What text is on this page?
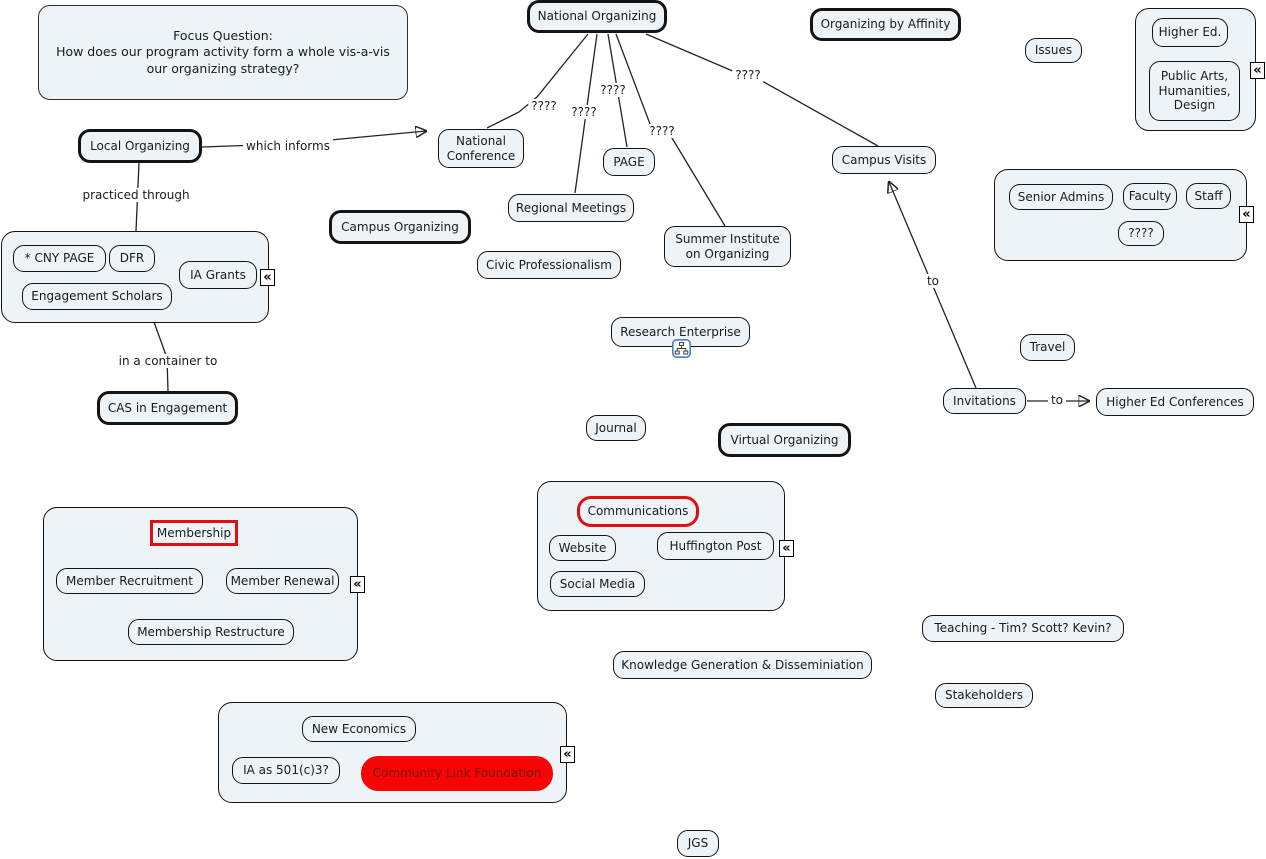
Focus Question:
How does our program activity form a whole vis-a-vis our organizing strategy?
National Organizing
Organizing by Affinity
Issues
Higher Ed.
Public Arts, Humanities, Design
Local Organizing	National Conference	PAGE
Regional Meetings
Campus Organizing
Civic Professionalism
Summer Institute on Organizing
Campus Visits
Senior Admins	Faculty	Staff
????
* CNY PAGE	DFR
IA Grants
Engagement Scholars
CAS in Engagement
Research Enterprise
Travel
Invitations	Higher Ed Conferences
Journal
Virtual Organizing
Membership
Member Recruitment	Member Renewal
Membership Restructure
Communications
Website	Huffington Post
Social Media
Teaching - Tim? Scott? Kevin?
Knowledge Generation & Disseminiation
Stakeholders
New Economics
IA as 501(c)3?	Community Link Foundation
JGS
which informs
practiced through
in a container to
???? ????
????
????
????
to
to
«
«
«
«
«
«
